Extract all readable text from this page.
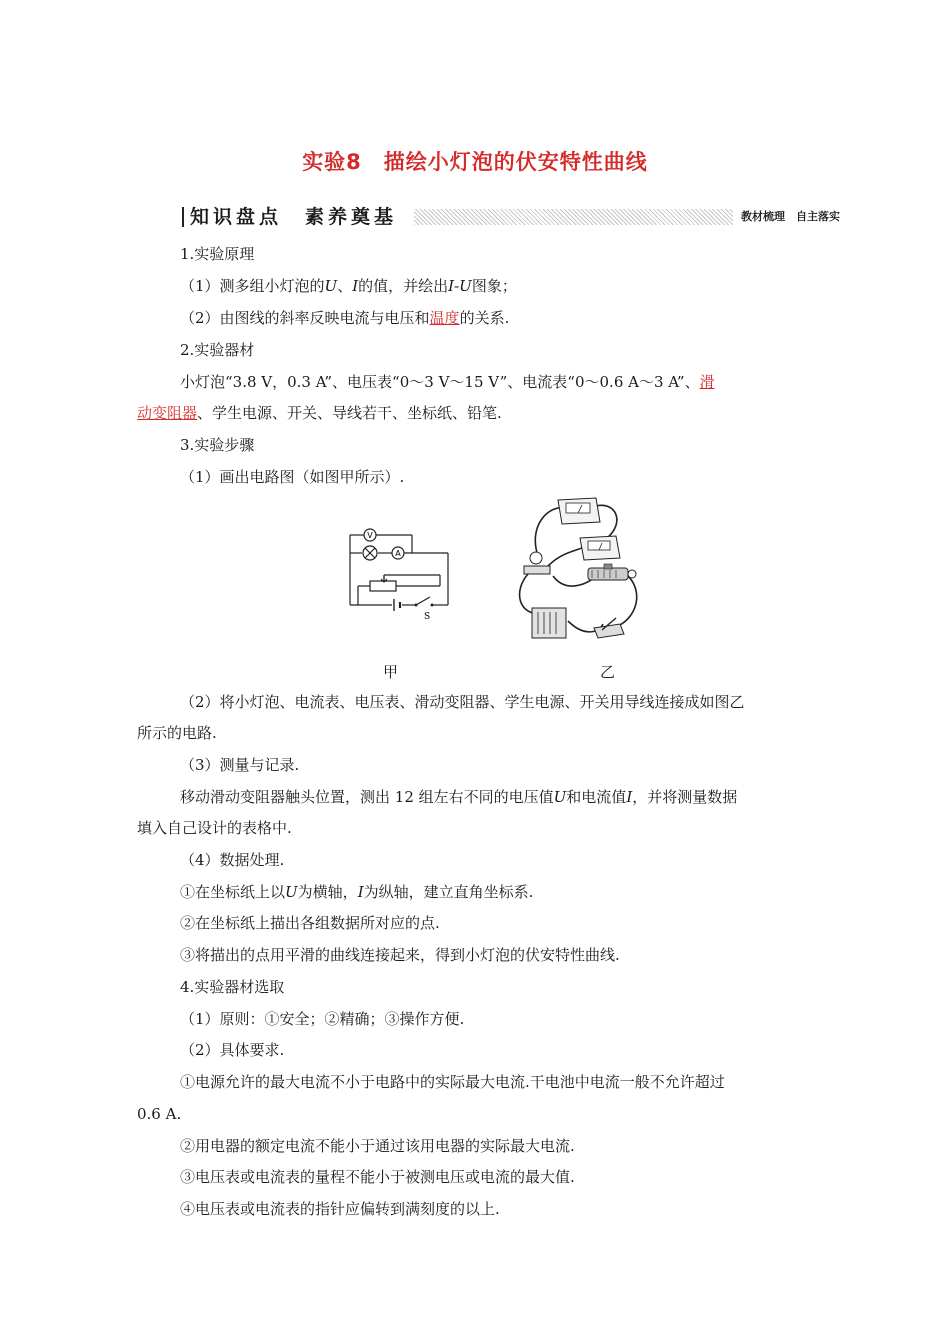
实验8　描绘小灯泡的伏安特性曲线
知识盘点　素养奠基	教材梳理　自主落实
1.实验原理
（1）测多组小灯泡的U、I的值，并绘出I-U图象；
（2）由图线的斜率反映电流与电压和温度的关系.
2.实验器材
小灯泡“3.8 V，0.3 A”、电压表“0～3 V～15 V”、电流表“0～0.6 A～3 A”、滑
动变阻器、学生电源、开关、导线若干、坐标纸、铅笔.
3.实验步骤
（1）画出电路图（如图甲所示）.
V
A
S
甲	乙
（2）将小灯泡、电流表、电压表、滑动变阻器、学生电源、开关用导线连接成如图乙
所示的电路.
（3）测量与记录.
移动滑动变阻器触头位置，测出 12 组左右不同的电压值U和电流值I，并将测量数据
填入自己设计的表格中.
（4）数据处理.
①在坐标纸上以U为横轴，I为纵轴，建立直角坐标系.
②在坐标纸上描出各组数据所对应的点.
③将描出的点用平滑的曲线连接起来，得到小灯泡的伏安特性曲线.
4.实验器材选取
（1）原则：①安全；②精确；③操作方便.
（2）具体要求.
①电源允许的最大电流不小于电路中的实际最大电流.干电池中电流一般不允许超过
0.6 A.
②用电器的额定电流不能小于通过该用电器的实际最大电流.
③电压表或电流表的量程不能小于被测电压或电流的最大值.
④电压表或电流表的指针应偏转到满刻度的以上.
